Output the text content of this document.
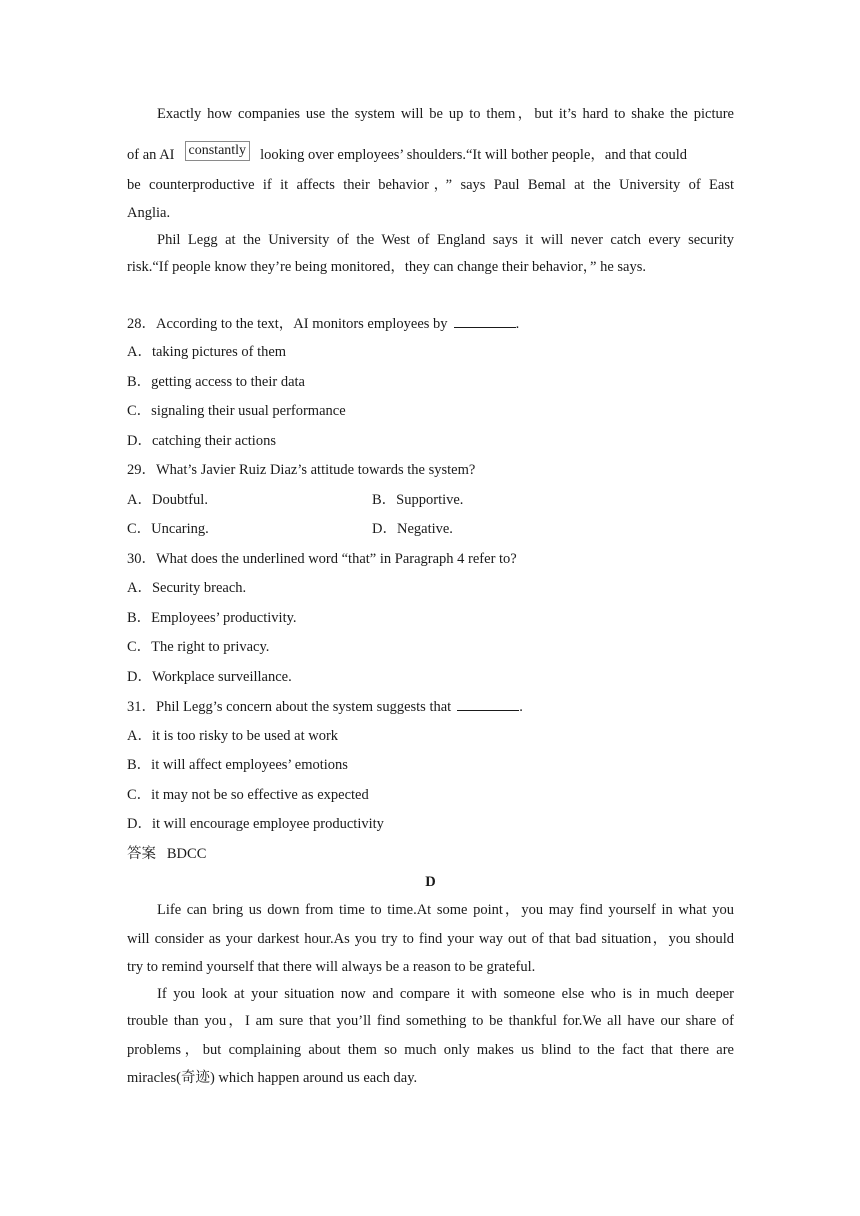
Exactly how companies use the system will be up to them，but it’s hard to shake the picture
of an AI constantly looking over employees’ shoulders.“It will bother people，and that could
be counterproductive if it affects their behavior，” says Paul Bemal at the University of East
Anglia.
Phil Legg at the University of the West of England says it will never catch every security
risk.“If people know they’re being monitored，they can change their behavior，” he says.
28．According to the text，AI monitors employees by	.
A．taking pictures of them
B．getting access to their data
C．signaling their usual performance
D．catching their actions
29．What’s Javier Ruiz Diaz’s attitude towards the system?
A．Doubtful.	B．Supportive.
C．Uncaring.	D．Negative.
30．What does the underlined word “that” in Paragraph 4 refer to?
A．Security breach.
B．Employees’ productivity.
C．The right to privacy.
D．Workplace surveillance.
31．Phil Legg’s concern about the system suggests that	.
A．it is too risky to be used at work
B．it will affect employees’ emotions
C．it may not be so effective as expected
D．it will encourage employee productivity
答案 BDCC
D
Life can bring us down from time to time.At some point，you may find yourself in what you
will consider as your darkest hour.As you try to find your way out of that bad situation，you should
try to remind yourself that there will always be a reason to be grateful.
If you look at your situation now and compare it with someone else who is in much deeper
trouble than you，I am sure that you’ll find something to be thankful for.We all have our share of
problems，but complaining about them so much only makes us blind to the fact that there are
miracles(奇迹) which happen around us each day.
